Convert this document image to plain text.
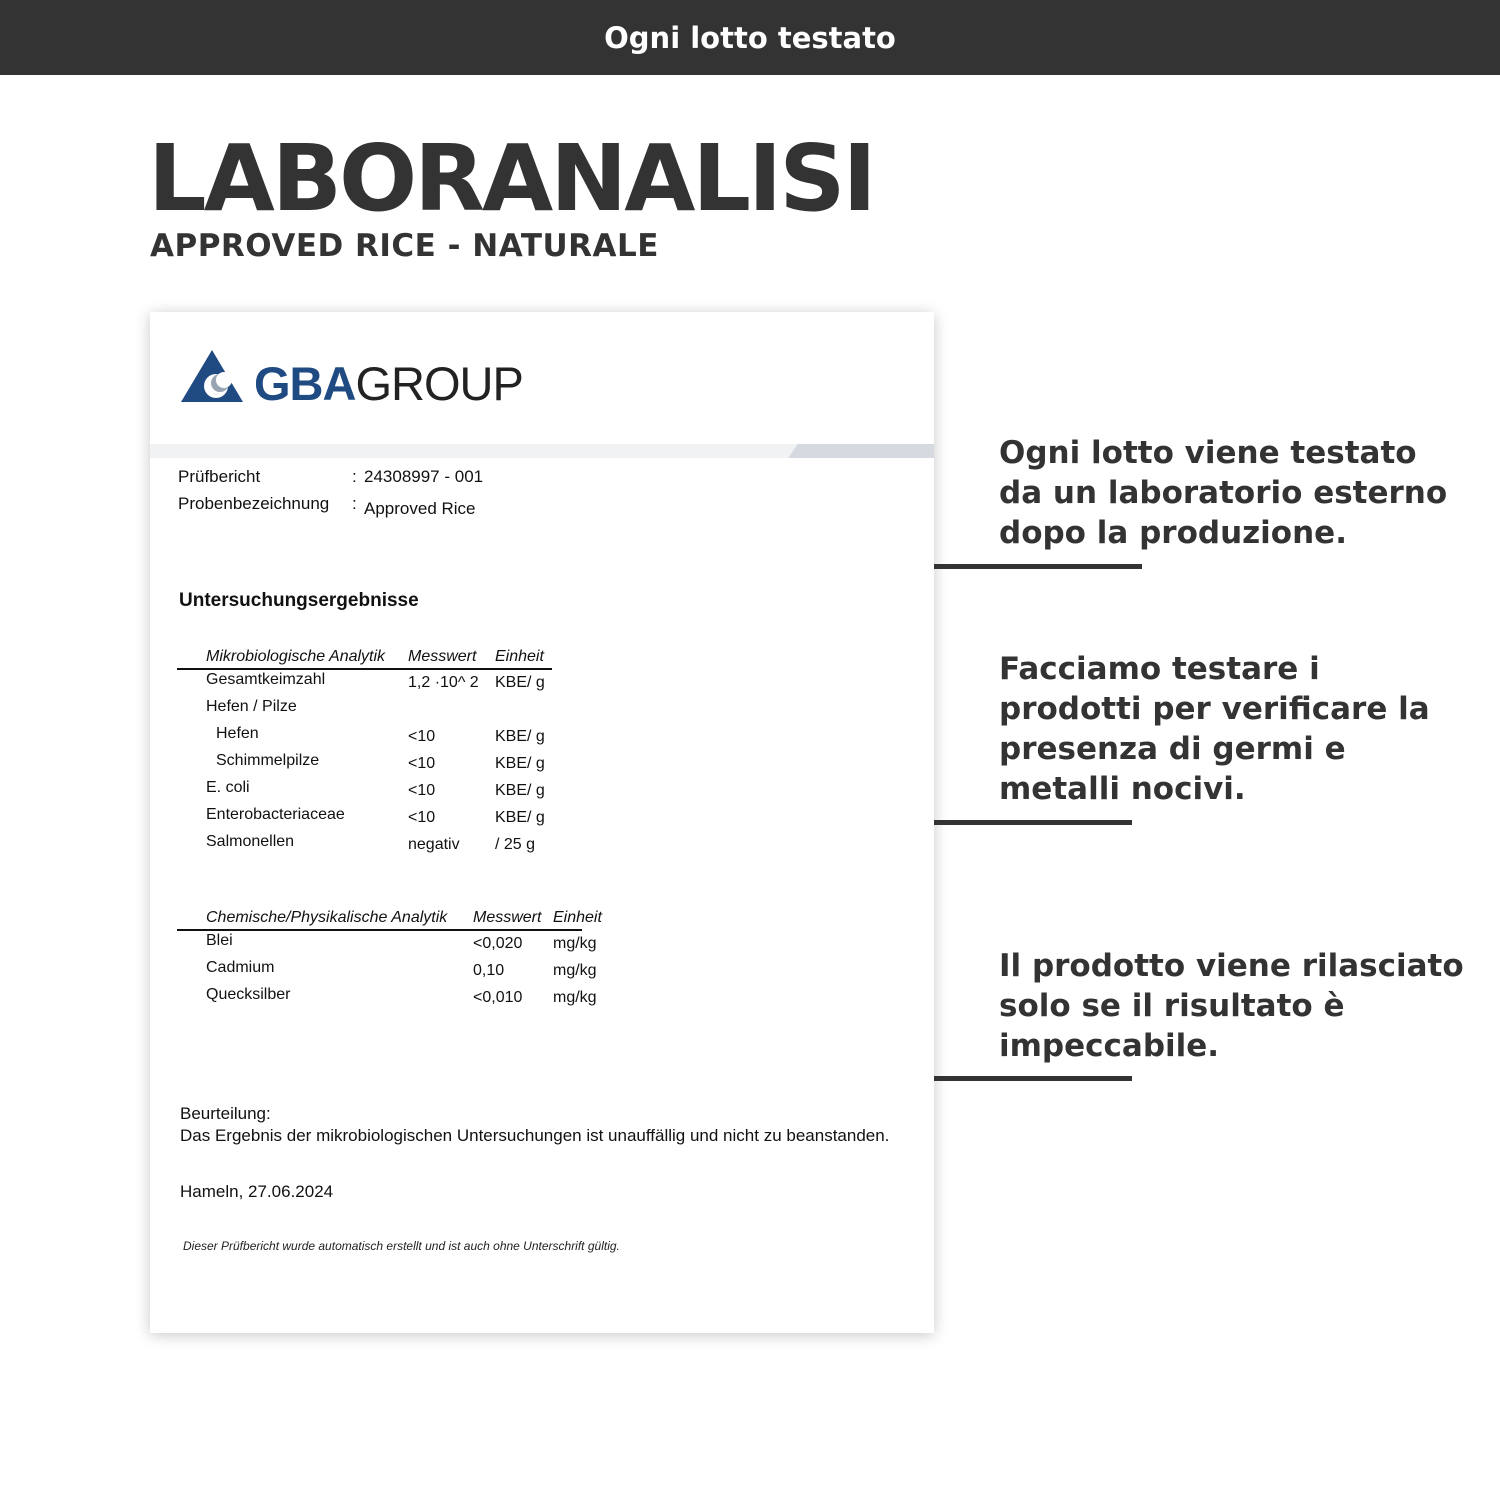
Ogni lotto testato
LABORANALISI
APPROVED RICE - NATURALE
GBAGROUP
Prüfbericht	: 24308997 - 001
Probenbezeichnung : Approved Rice
Untersuchungsergebnisse
Mikrobiologische Analytik Messwert Einheit
Gesamtkeimzahl	1,2 ·10^ 2 KBE/ g
Hefen / Pilze
Hefen	<10	KBE/ g
Schimmelpilze	<10	KBE/ g
E. coli	<10	KBE/ g
Enterobacteriaceae	<10	KBE/ g
Salmonellen	negativ / 25 g
Chemische/Physikalische Analytik Messwert Einheit
Blei	<0,020 mg/kg
Cadmium	0,10	mg/kg
Quecksilber	<0,010 mg/kg
Beurteilung:
Das Ergebnis der mikrobiologischen Untersuchungen ist unauffällig und nicht zu beanstanden.
Hameln, 27.06.2024
Dieser Prüfbericht wurde automatisch erstellt und ist auch ohne Unterschrift gültig.
Ogni lotto viene testato da un laboratorio esterno dopo la produzione.
Facciamo testare i prodotti per verificare la presenza di germi e metalli nocivi.
Il prodotto viene rilasciato solo se il risultato è impeccabile.
